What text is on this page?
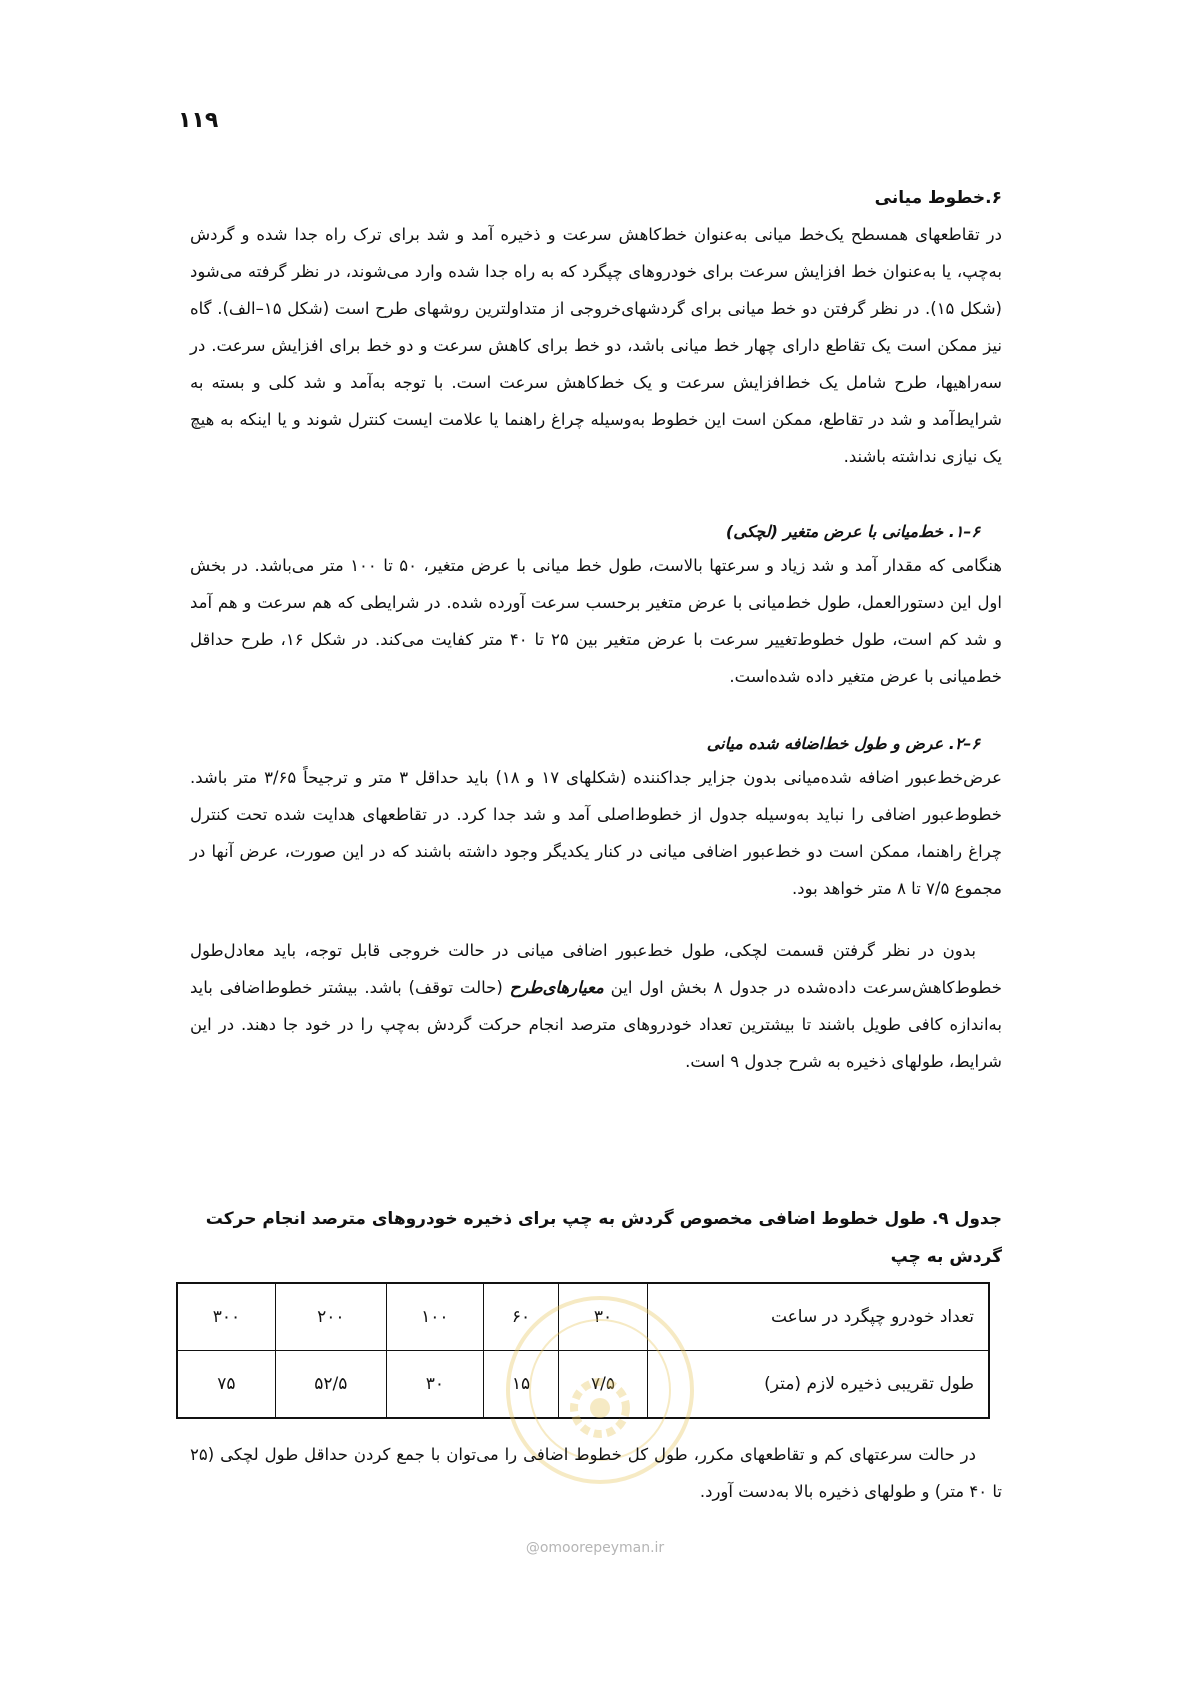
۱۱۹
۶.خطوط میانی

در تقاطعهای همسطح یک‌خط میانی به‌عنوان خط‌کاهش سرعت و ذخیره آمد و شد برای ترک راه جدا شده و گردش به‌چپ، یا به‌عنوان خط افزایش سرعت برای خودروهای چپگرد که به راه جدا شده وارد می‌شوند، در نظر گرفته می‌شود (شکل ۱۵). در نظر گرفتن دو خط میانی برای گردشهای‌خروجی از متداولترین روشهای طرح است (شکل ۱۵–الف). گاه نیز ممکن است یک تقاطع دارای چهار خط میانی باشد، دو خط برای کاهش سرعت و دو خط برای افزایش سرعت. در سه‌راهیها، طرح شامل یک خط‌افزایش سرعت و یک خط‌کاهش سرعت است. با توجه به‌آمد و شد کلی و بسته به شرایط‌آمد و شد در تقاطع، ممکن است این خطوط به‌وسیله چراغ راهنما یا علامت ایست کنترل شوند و یا اینکه به هیچ یک نیازی نداشته باشند.

۶–۱. خط‌میانی با عرض متغیر (لچکی)

هنگامی که مقدار آمد و شد زیاد و سرعتها بالاست، طول خط میانی با عرض متغیر، ۵۰ تا ۱۰۰ متر می‌باشد. در بخش اول این دستورالعمل، طول خط‌میانی با عرض متغیر برحسب سرعت آورده شده. در شرایطی که هم سرعت و هم آمد و شد کم است، طول خطوط‌تغییر سرعت با عرض متغیر بین ۲۵ تا ۴۰ متر کفایت می‌کند. در شکل ۱۶، طرح حداقل خط‌میانی با عرض متغیر داده شده‌است.

۶–۲. عرض و طول خط‌اضافه شده میانی

عرض‌خط‌عبور اضافه شده‌میانی بدون جزایر جداکننده (شکلهای ۱۷ و ۱۸) باید حداقل ۳ متر و ترجیحاً ۳/۶۵ متر باشد. خطوط‌عبور اضافی را نباید به‌وسیله جدول از خطوط‌اصلی آمد و شد جدا کرد. در تقاطعهای هدایت شده تحت کنترل چراغ راهنما، ممکن است دو خط‌عبور اضافی میانی در کنار یکدیگر وجود داشته باشند که در این صورت، عرض آنها در مجموع ۷/۵ تا ۸ متر خواهد بود.

بدون در نظر گرفتن قسمت لچکی، طول خط‌عبور اضافی میانی در حالت خروجی قابل توجه، باید معادل‌طول خطوط‌کاهش‌سرعت داده‌شده در جدول ۸ بخش اول این معیارهای‌طرح (حالت توقف) باشد. بیشتر خطوط‌اضافی باید به‌اندازه کافی طویل باشند تا بیشترین تعداد خودروهای مترصد انجام حرکت گردش به‌چپ را در خود جا دهند. در این شرایط، طولهای ذخیره به شرح جدول ۹ است.

جدول ۹. طول خطوط اضافی مخصوص گردش به چپ برای ذخیره خودروهای مترصد انجام حرکت گردش به چپ
تعداد خودرو چپگرد در ساعت	۳۰	۶۰	۱۰۰	۲۰۰	۳۰۰
طول تقریبی ذخیره لازم (متر)	۷/۵	۱۵	۳۰	۵۲/۵	۷۵
@omoorepeyman.ir

در حالت سرعتهای کم و تقاطعهای مکرر، طول کل خطوط اضافی را می‌توان با جمع کردن حداقل طول لچکی (۲۵ تا ۴۰ متر) و طولهای ذخیره بالا به‌دست آورد.
